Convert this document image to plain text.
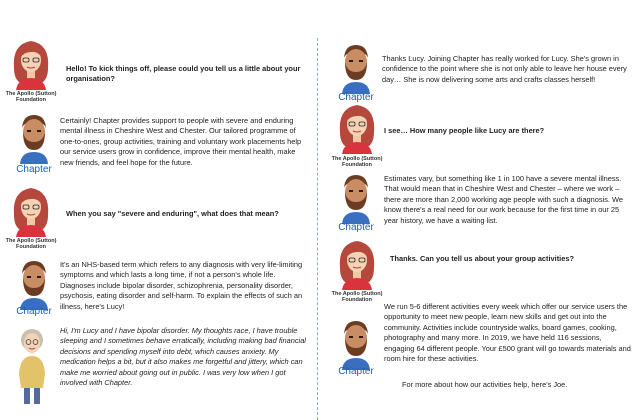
The Apollo (Sutton)
Foundation

Hello! To kick things off, please could you tell us a little about your organisation?

Chapter

Certainly! Chapter provides support to people with severe and enduring mental illness in Cheshire West and Chester. Our tailored programme of one-to-ones, group activities, training and voluntary work placements help our service users grow in confidence, improve their mental health, make new friends, and feel hope for the future.

The Apollo (Sutton)
Foundation

When you say "severe and enduring", what does that mean?

Chapter

It's an NHS-based term which refers to any diagnosis with very life-limiting symptoms and which lasts a long time, if not a person's whole life. Diagnoses include bipolar disorder, schizophrenia, personality disorder, psychosis, eating disorder and self-harm. To explain the effects of such an illness, here's Lucy!

Hi, I'm Lucy and I have bipolar disorder. My thoughts race, I have trouble sleeping and I sometimes behave erratically, including making bad financial decisions and spending myself into debt, which causes anxiety. My medication helps a bit, but it also makes me forgetful and jittery, which can make me worried about going out in public. I was very low when I got involved with Chapter.

Chapter

Thanks Lucy. Joining Chapter has really worked for Lucy. She's grown in confidence to the point where she is not only able to leave her house every day… She is now delivering some arts and crafts classes herself!

The Apollo (Sutton)
Foundation

I see… How many people like Lucy are there?

Chapter

Estimates vary, but something like 1 in 100 have a severe mental illness. That would mean that in Cheshire West and Chester – where we work – there are more than 2,000 working age people with such a diagnosis. We know there's a real need for our work because for the first time in our 25 year history, we have a waiting list.

The Apollo (Sutton)
Foundation

Thanks. Can you tell us about your group activities?

Chapter

We run 5-6 different activities every week which offer our service users the opportunity to meet new people, learn new skills and get out into the community. Activities include countryside walks, board games, cooking, photography and many more. In 2019, we have held 116 sessions, engaging 64 different people. Your £500 grant will go towards materials and room hire for these activities.

For more about how our activities help, here's Joe.
